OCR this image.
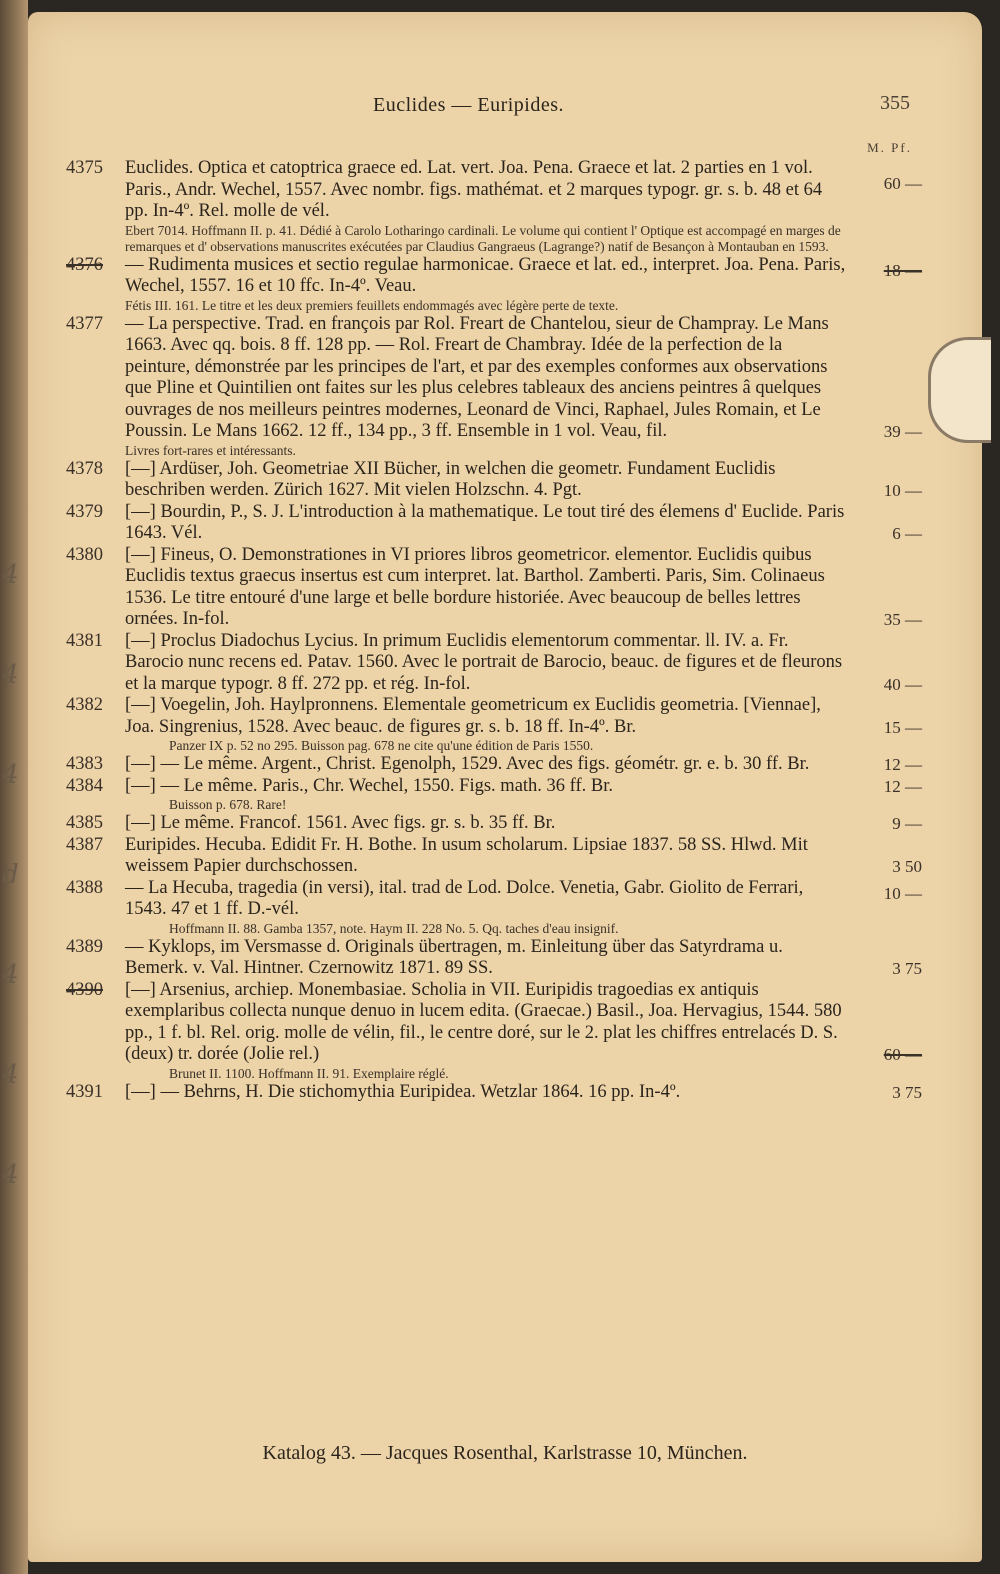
Euclides — Euripides.	355
M. Pf.
4375	Euclides. Optica et catoptrica graece ed. Lat. vert. Joa. Pena. Graece et lat. 2 parties en 1 vol. Paris., Andr. Wechel, 1557. Avec nombr. figs. mathémat. et 2 marques typogr. gr. s. b. 48 et 64 pp. In-4º. Rel. molle de vél.
Ebert 7014. Hoffmann II. p. 41. Dédié à Carolo Lotharingo cardinali. Le volume qui contient l' Optique est accompagé en marges de remarques et d' observations manuscrites exécutées par Claudius Gangraeus (Lagrange?) natif de Besançon à Montauban en 1593.
60 —
4376	— Rudimenta musices et sectio regulae harmonicae. Graece et lat. ed., interpret. Joa. Pena. Paris, Wechel, 1557. 16 et 10 ffc. In-4º. Veau.
Fétis III. 161. Le titre et les deux premiers feuillets endommagés avec légère perte de texte.
18 —
4377	— La perspective. Trad. en françois par Rol. Freart de Chantelou, sieur de Champray. Le Mans 1663. Avec qq. bois. 8 ff. 128 pp. — Rol. Freart de Chambray. Idée de la perfection de la peinture, démonstrée par les principes de l'art, et par des exemples conformes aux observations que Pline et Quintilien ont faites sur les plus celebres tableaux des anciens peintres â quelques ouvrages de nos meilleurs peintres modernes, Leonard de Vinci, Raphael, Jules Romain, et Le Poussin. Le Mans 1662. 12 ff., 134 pp., 3 ff. Ensemble in 1 vol. Veau, fil.
Livres fort-rares et intéressants.
39 —
4378	[—] Ardüser, Joh. Geometriae XII Bücher, in welchen die geometr. Fundament Euclidis beschriben werden. Zürich 1627. Mit vielen Holzschn. 4. Pgt.	10 —
4379	[—] Bourdin, P., S. J. L'introduction à la mathematique. Le tout tiré des élemens d' Euclide. Paris 1643. Vél.	6 —
4380	[—] Fineus, O. Demonstrationes in VI priores libros geometricor. elementor. Euclidis quibus Euclidis textus graecus insertus est cum interpret. lat. Barthol. Zamberti. Paris, Sim. Colinaeus 1536. Le titre entouré d'une large et belle bordure historiée. Avec beaucoup de belles lettres ornées. In-fol.	35 —
4381	[—] Proclus Diadochus Lycius. In primum Euclidis elementorum commentar. ll. IV. a. Fr. Barocio nunc recens ed. Patav. 1560. Avec le portrait de Barocio, beauc. de figures et de fleurons et la marque typogr. 8 ff. 272 pp. et rég. In-fol.	40 —
4382	[—] Voegelin, Joh. Haylpronnens. Elementale geometricum ex Euclidis geometria. [Viennae], Joa. Singrenius, 1528. Avec beauc. de figures gr. s. b. 18 ff. In-4º. Br.
Panzer IX p. 52 no 295. Buisson pag. 678 ne cite qu'une édition de Paris 1550.
15 —
4383	[—] — Le même. Argent., Christ. Egenolph, 1529. Avec des figs. géométr. gr. e. b. 30 ff. Br.	12 —
4384	[—] — Le même. Paris., Chr. Wechel, 1550. Figs. math. 36 ff. Br.
Buisson p. 678. Rare!
12 —
4385	[—] Le même. Francof. 1561. Avec figs. gr. s. b. 35 ff. Br.	9 —
4387	Euripides. Hecuba. Edidit Fr. H. Bothe. In usum scholarum. Lipsiae 1837. 58 SS. Hlwd. Mit weissem Papier durchschossen.	3 50
4388	— La Hecuba, tragedia (in versi), ital. trad de Lod. Dolce. Venetia, Gabr. Giolito de Ferrari, 1543. 47 et 1 ff. D.-vél.
Hoffmann II. 88. Gamba 1357, note. Haym II. 228 No. 5. Qq. taches d'eau insignif.
10 —
4389	— Kyklops, im Versmasse d. Originals übertragen, m. Einleitung über das Satyrdrama u. Bemerk. v. Val. Hintner. Czernowitz 1871. 89 SS.	3 75
4390	[—] Arsenius, archiep. Monembasiae. Scholia in VII. Euripidis tragoedias ex antiquis exemplaribus collecta nunque denuo in lucem edita. (Graecae.) Basil., Joa. Hervagius, 1544. 580 pp., 1 f. bl. Rel. orig. molle de vélin, fil., le centre doré, sur le 2. plat les chiffres entrelacés D. S. (deux) tr. dorée (Jolie rel.)
Brunet II. 1100. Hoffmann II. 91. Exemplaire réglé.
60 —
4391	[—] — Behrns, H. Die stichomythia Euripidea. Wetzlar 1864. 16 pp. In-4º.	3 75
Katalog 43. — Jacques Rosenthal, Karlstrasse 10, München.
4
4
4
d
4
4
4
